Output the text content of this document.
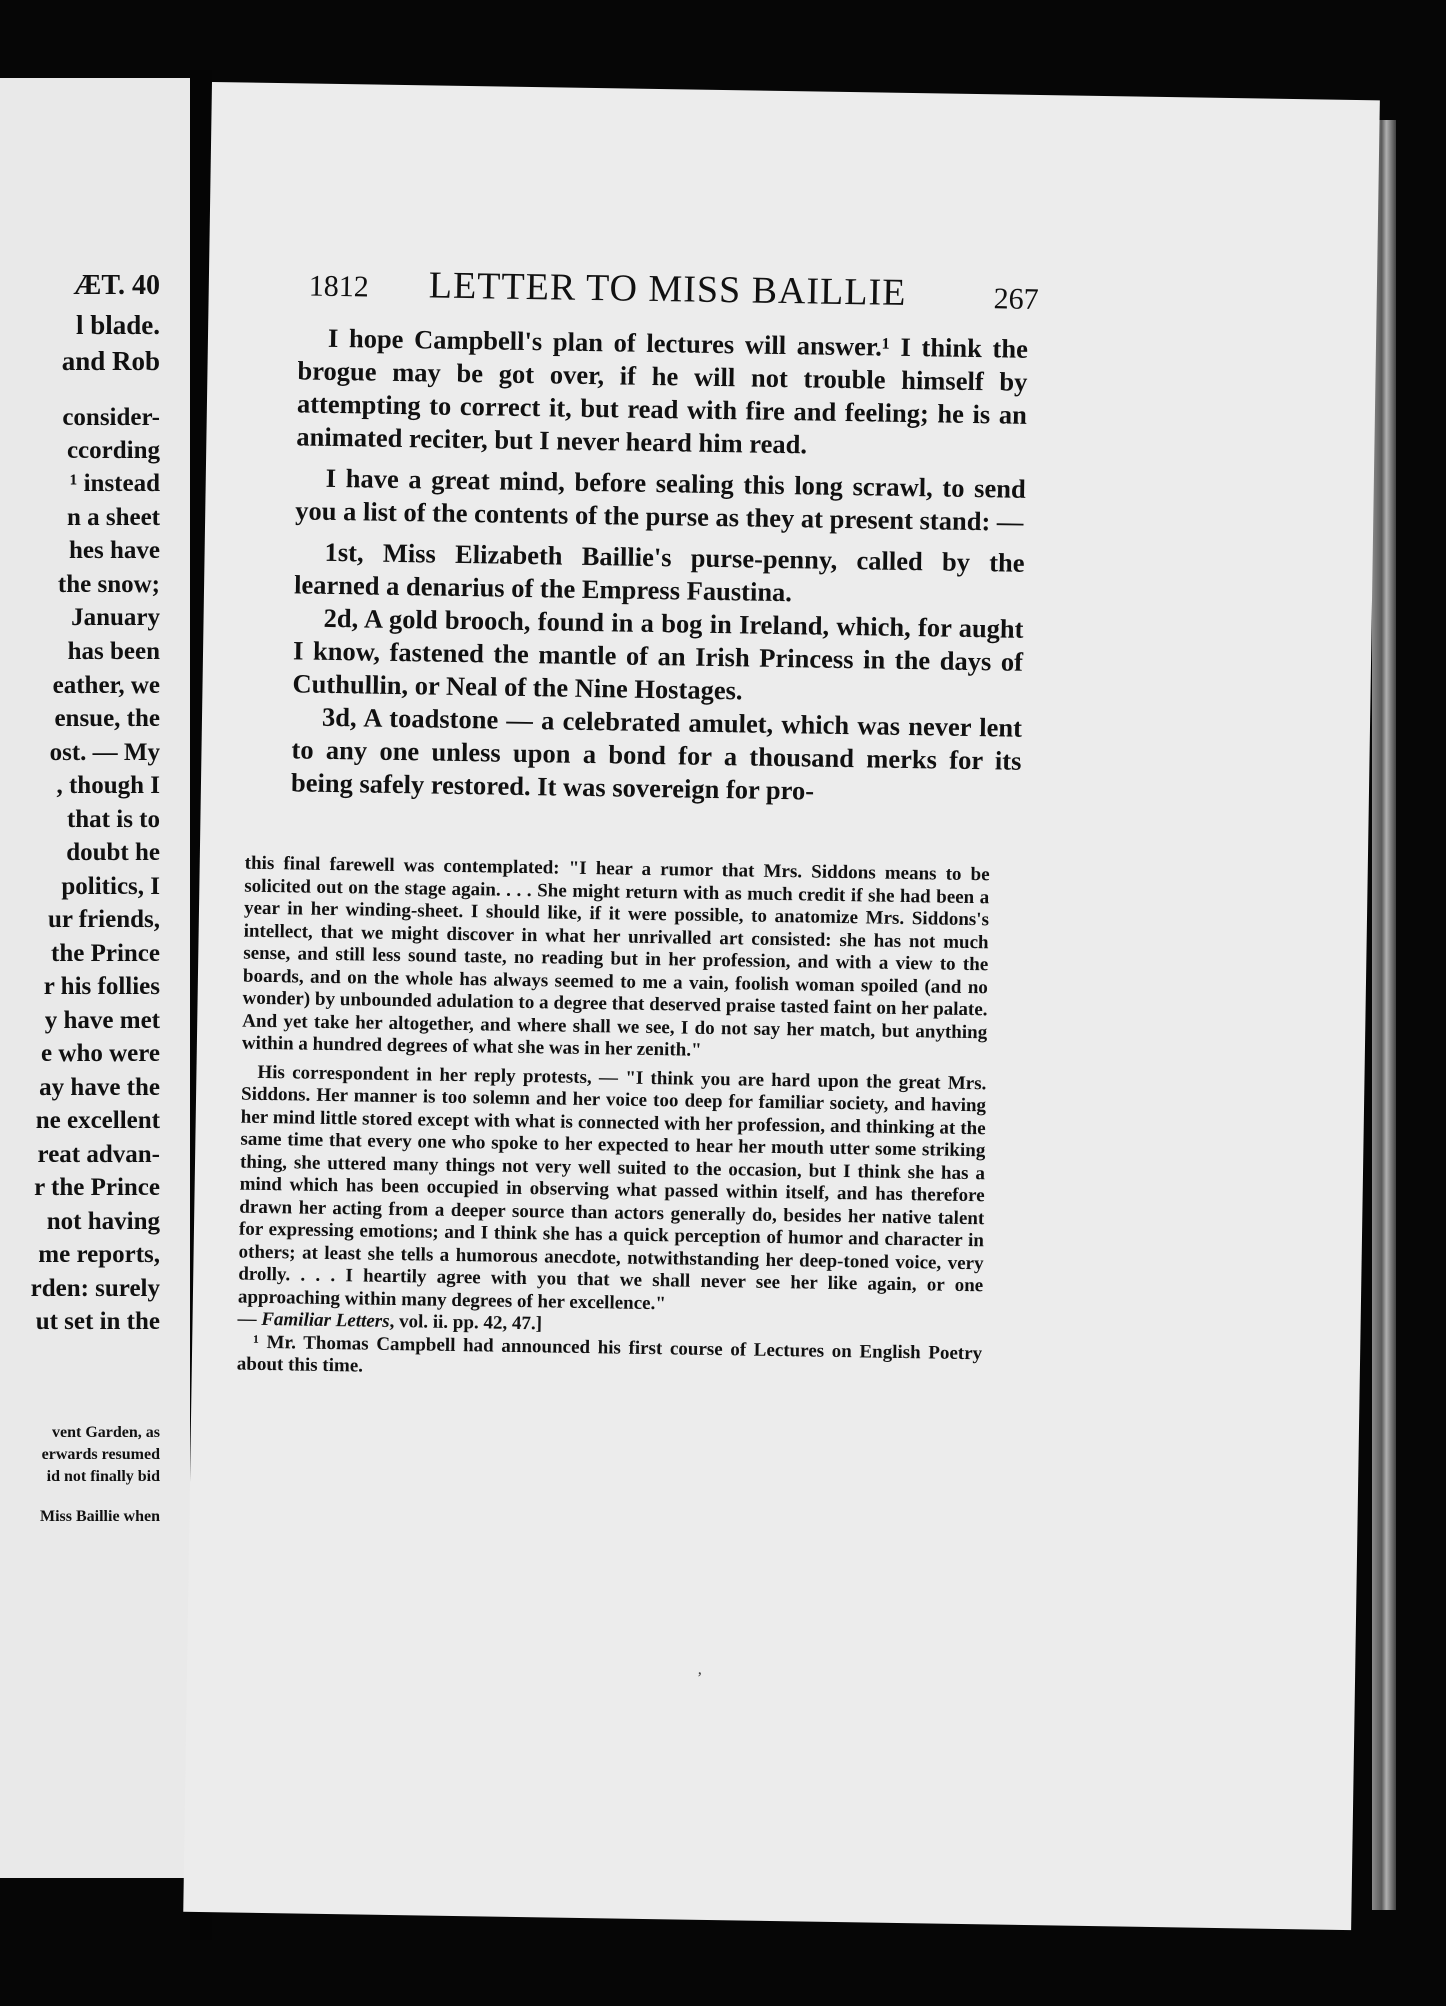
ÆT. 40
l blade.
and Rob
consider-
ccording
¹ instead
n a sheet
hes have
the snow;
January
has been
eather, we
ensue, the
ost. — My
, though I
that is to
doubt he
politics, I
ur friends,
the Prince
r his follies
y have met
e who were
ay have the
ne excellent
reat advan-
r the Prince
not having
me reports,
rden: surely
ut set in the
vent Garden, as
erwards resumed
id not finally bid
Miss Baillie when
1812 LETTER TO MISS BAILLIE	267

I hope Campbell's plan of lectures will answer.¹ I think the brogue may be got over, if he will not trouble himself by attempting to correct it, but read with fire and feeling; he is an animated reciter, but I never heard him read.

I have a great mind, before sealing this long scrawl, to send you a list of the contents of the purse as they at present stand: —

1st, Miss Elizabeth Baillie's purse-penny, called by the learned a denarius of the Empress Faustina.

2d, A gold brooch, found in a bog in Ireland, which, for aught I know, fastened the mantle of an Irish Princess in the days of Cuthullin, or Neal of the Nine Hostages.

3d, A toadstone — a celebrated amulet, which was never lent to any one unless upon a bond for a thousand merks for its being safely restored. It was sovereign for pro-

this final farewell was contemplated: "I hear a rumor that Mrs. Siddons means to be solicited out on the stage again. . . . She might return with as much credit if she had been a year in her winding-sheet. I should like, if it were possible, to anatomize Mrs. Siddons's intellect, that we might discover in what her unrivalled art consisted: she has not much sense, and still less sound taste, no reading but in her profession, and with a view to the boards, and on the whole has always seemed to me a vain, foolish woman spoiled (and no wonder) by unbounded adulation to a degree that deserved praise tasted faint on her palate. And yet take her altogether, and where shall we see, I do not say her match, but anything within a hundred degrees of what she was in her zenith."

His correspondent in her reply protests, — "I think you are hard upon the great Mrs. Siddons. Her manner is too solemn and her voice too deep for familiar society, and having her mind little stored except with what is connected with her profession, and thinking at the same time that every one who spoke to her expected to hear her mouth utter some striking thing, she uttered many things not very well suited to the occasion, but I think she has a mind which has been occupied in observing what passed within itself, and has therefore drawn her acting from a deeper source than actors generally do, besides her native talent for expressing emotions; and I think she has a quick perception of humor and character in others; at least she tells a humorous anecdote, notwithstanding her deep-toned voice, very drolly. . . . I heartily agree with you that we shall never see her like again, or one approaching within many degrees of her excellence."
— Familiar Letters, vol. ii. pp. 42, 47.]

¹ Mr. Thomas Campbell had announced his first course of Lectures on English Poetry about this time.

ʼ
